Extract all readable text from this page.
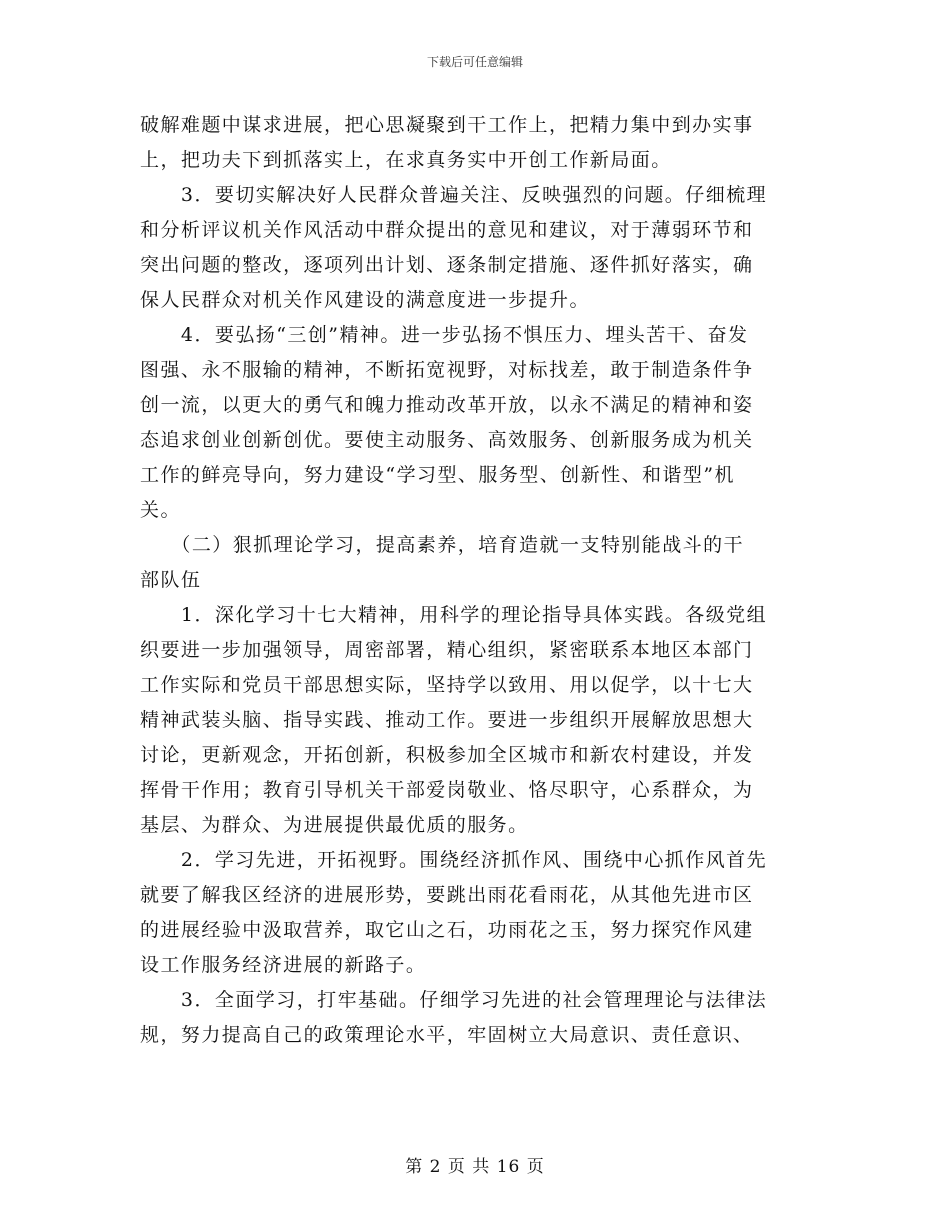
下载后可任意编辑
破解难题中谋求进展，把心思凝聚到干工作上，把精力集中到办实事
上，把功夫下到抓落实上，在求真务实中开创工作新局面。
　　3．要切实解决好人民群众普遍关注、反映强烈的问题。仔细梳理
和分析评议机关作风活动中群众提出的意见和建议，对于薄弱环节和
突出问题的整改，逐项列出计划、逐条制定措施、逐件抓好落实，确
保人民群众对机关作风建设的满意度进一步提升。
　　4．要弘扬“三创”精神。进一步弘扬不惧压力、埋头苦干、奋发
图强、永不服输的精神，不断拓宽视野，对标找差，敢于制造条件争
创一流，以更大的勇气和魄力推动改革开放，以永不满足的精神和姿
态追求创业创新创优。要使主动服务、高效服务、创新服务成为机关
工作的鲜亮导向，努力建设“学习型、服务型、创新性、和谐型”机
关。
　　（二）狠抓理论学习，提高素养，培育造就一支特别能战斗的干
部队伍
　　1．深化学习十七大精神，用科学的理论指导具体实践。各级党组
织要进一步加强领导，周密部署，精心组织，紧密联系本地区本部门
工作实际和党员干部思想实际，坚持学以致用、用以促学，以十七大
精神武装头脑、指导实践、推动工作。要进一步组织开展解放思想大
讨论，更新观念，开拓创新，积极参加全区城市和新农村建设，并发
挥骨干作用；教育引导机关干部爱岗敬业、恪尽职守，心系群众，为
基层、为群众、为进展提供最优质的服务。
　　2．学习先进，开拓视野。围绕经济抓作风、围绕中心抓作风首先
就要了解我区经济的进展形势，要跳出雨花看雨花，从其他先进市区
的进展经验中汲取营养，取它山之石，功雨花之玉，努力探究作风建
设工作服务经济进展的新路子。
　　3．全面学习，打牢基础。仔细学习先进的社会管理理论与法律法
规，努力提高自己的政策理论水平，牢固树立大局意识、责任意识、
第 2 页 共 16 页
